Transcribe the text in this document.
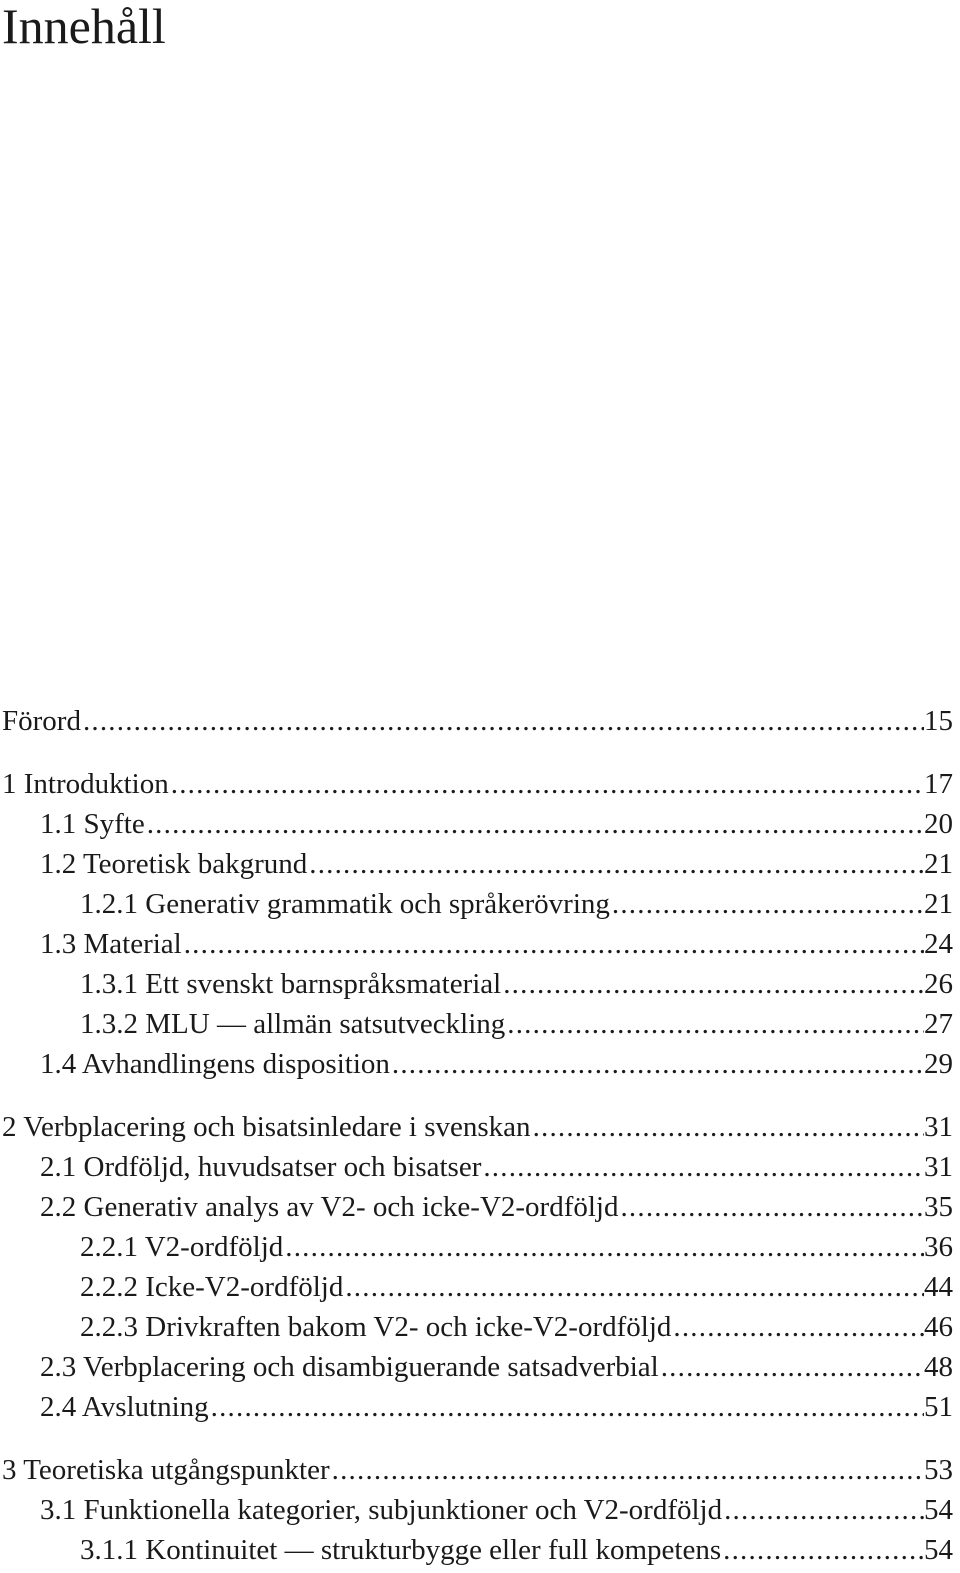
Innehåll
Förord .....	15
1 Introduktion .....	17
1.1 Syfte .....	20
1.2 Teoretisk bakgrund .....	21
1.2.1 Generativ grammatik och språkerövring .....	21
1.3 Material .....	24
1.3.1 Ett svenskt barnspråksmaterial .....	26
1.3.2 MLU — allmän satsutveckling .....	27
1.4 Avhandlingens disposition .....	29
2 Verbplacering och bisatsinledare i svenskan .....	31
2.1 Ordföljd, huvudsatser och bisatser .....	31
2.2 Generativ analys av V2- och icke-V2-ordföljd .....	35
2.2.1 V2-ordföljd .....	36
2.2.2 Icke-V2-ordföljd .....	44
2.2.3 Drivkraften bakom V2- och icke-V2-ordföljd .....	46
2.3 Verbplacering och disambiguerande satsadverbial .....	48
2.4 Avslutning .....	51
3 Teoretiska utgångspunkter .....	53
3.1 Funktionella kategorier, subjunktioner och V2-ordföljd .....	54
3.1.1 Kontinuitet — strukturbygge eller full kompetens .....	54
